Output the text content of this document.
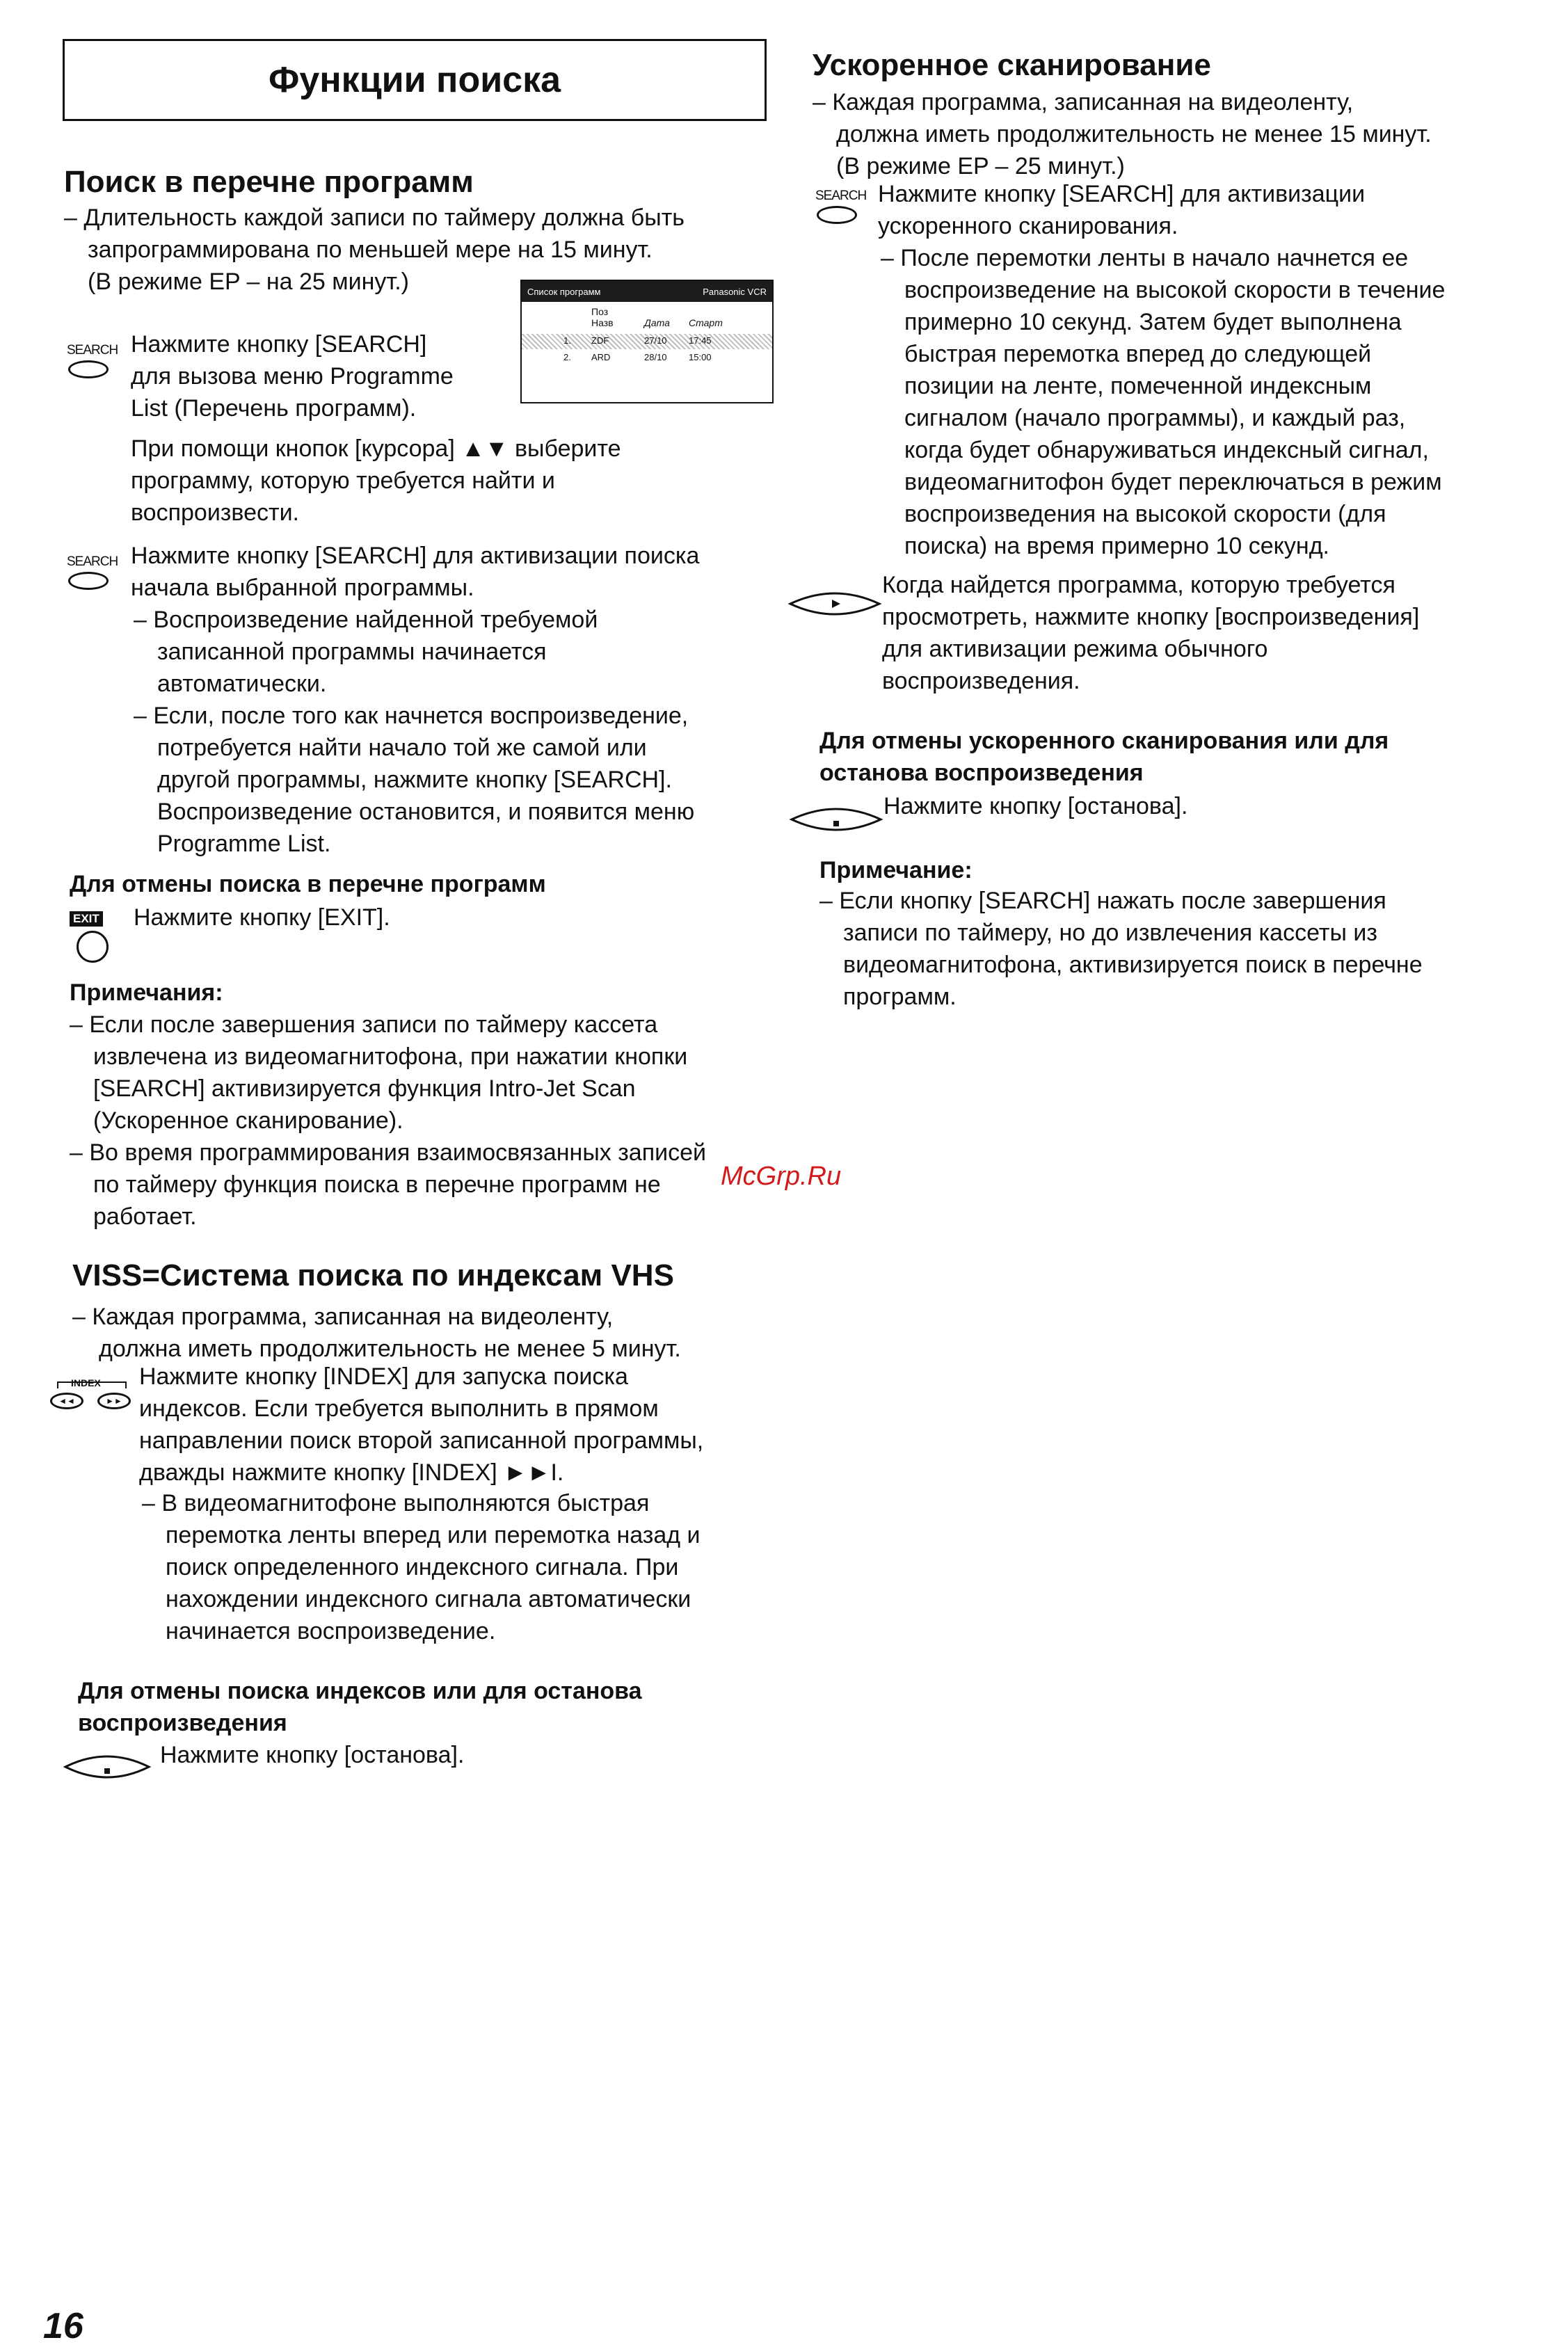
Функции поиска
Поиск в перечне программ
– Длительность каждой записи по таймеру должна быть
запрограммирована по меньшей мере на 15 минут.
(В режиме EP – на 25 минут.)	Список программ	Panasonic VCR
Поз
Назв	Дата Старт
1. ZDF	27/10 17:45
2. ARD	28/10 15:00
SEARCH Нажмите кнопку [SEARCH]
для вызова меню Programme
List (Перечень программ).
При помощи кнопок [курсора] ▲▼ выберите
программу, которую требуется найти и
воспроизвести.
SEARCH Нажмите кнопку [SEARCH] для активизации поиска
начала выбранной программы.
– Воспроизведение найденной требуемой
записанной программы начинается
автоматически.
– Если, после того как начнется воспроизведение,
потребуется найти начало той же самой или
другой программы, нажмите кнопку [SEARCH].
Воспроизведение остановится, и появится меню
Programme List.
Для отмены поиска в перечне программ
EXIT Нажмите кнопку [EXIT].
Примечания:
– Если после завершения записи по таймеру кассета
извлечена из видеомагнитофона, при нажатии кнопки
[SEARCH] активизируется функция Intro-Jet Scan
(Ускоренное сканирование).
– Во время программирования взаимосвязанных записей
по таймеру функция поиска в перечне программ не
работает.
McGrp.Ru
VISS=Система поиска по индексам VHS
– Каждая программа, записанная на видеоленту,
должна иметь продолжительность не менее 5 минут.
INDEX
◄◄	►►
Нажмите кнопку [INDEX] для запуска поиска
индексов. Если требуется выполнить в прямом
направлении поиск второй записанной программы,
дважды нажмите кнопку [INDEX] ►►I.
– В видеомагнитофоне выполняются быстрая
перемотка ленты вперед или перемотка назад и
поиск определенного индексного сигнала. При
нахождении индексного сигнала автоматически
начинается воспроизведение.
Для отмены поиска индексов или для останова
воспроизведения
Нажмите кнопку [останова].
16
Ускоренное сканирование
– Каждая программа, записанная на видеоленту,
должна иметь продолжительность не менее 15 минут.
(В режиме EP – 25 минут.)
SEARCH Нажмите кнопку [SEARCH] для активизации
ускоренного сканирования.
– После перемотки ленты в начало начнется ее
воспроизведение на высокой скорости в течение
примерно 10 секунд. Затем будет выполнена
быстрая перемотка вперед до следующей
позиции на ленте, помеченной индексным
сигналом (начало программы), и каждый раз,
когда будет обнаруживаться индексный сигнал,
видеомагнитофон будет переключаться в режим
воспроизведения на высокой скорости (для
поиска) на время примерно 10 секунд.
Когда найдется программа, которую требуется
просмотреть, нажмите кнопку [воспроизведения]
для активизации режима обычного
воспроизведения.
Для отмены ускоренного сканирования или для
останова воспроизведения
Нажмите кнопку [останова].
Примечание:
– Если кнопку [SEARCH] нажать после завершения
записи по таймеру, но до извлечения кассеты из
видеомагнитофона, активизируется поиск в перечне
программ.
